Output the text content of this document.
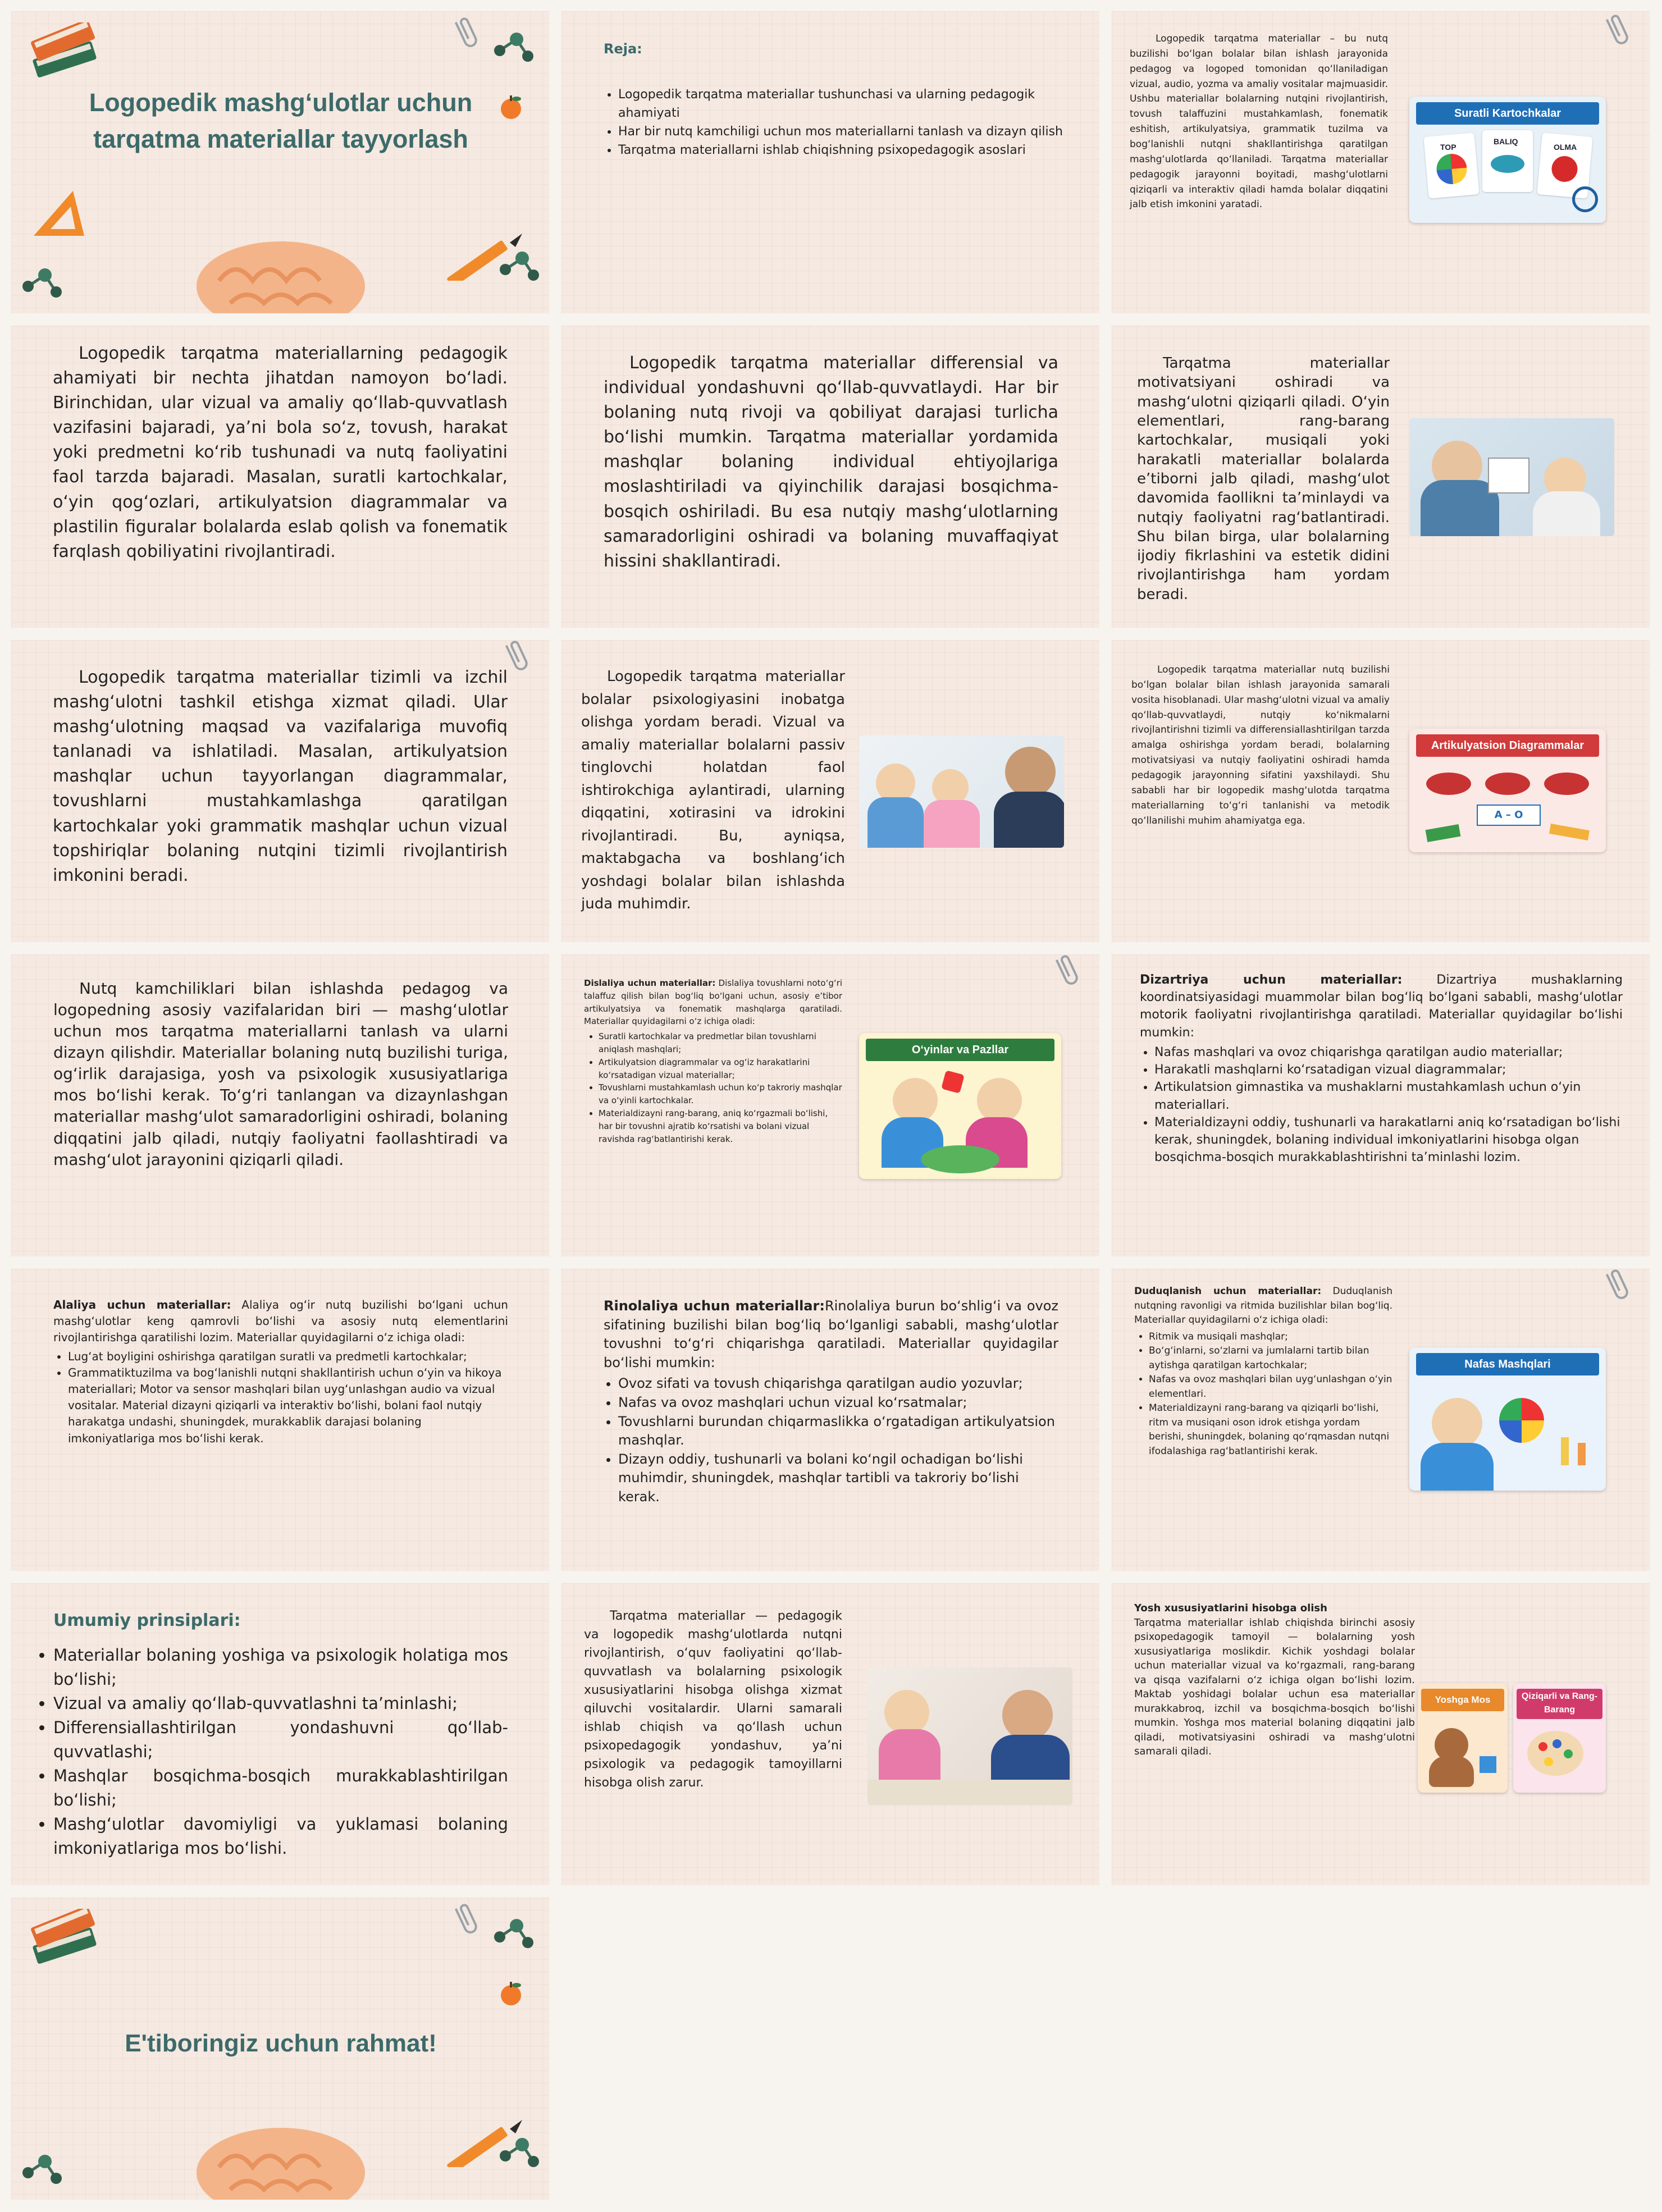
Logopedik mashg‘ulotlar uchun tarqatma materiallar tayyorlash

Reja:

• Logopedik tarqatma materiallar tushunchasi va ularning pedagogik ahamiyati
• Har bir nutq kamchiligi uchun mos materiallarni tanlash va dizayn qilish
• Tarqatma materiallarni ishlab chiqishning psixopedagogik asoslari

Logopedik tarqatma materiallar – bu nutq buzilishi bo‘lgan bolalar bilan ishlash jarayonida pedagog va logoped tomonidan qo‘llaniladigan vizual, audio, yozma va amaliy vositalar majmuasidir. Ushbu materiallar bolalarning nutqini rivojlantirish, tovush talaffuzini mustahkamlash, fonematik eshitish, artikulyatsiya, grammatik tuzilma va bog‘lanishli nutqni shakllantirishga qaratilgan mashg‘ulotlarda qo‘llaniladi. Tarqatma materiallar pedagogik jarayonni boyitadi, mashg‘ulotlarni qiziqarli va interaktiv qiladi hamda bolalar diqqatini jalb etish imkonini yaratadi.

Suratli Kartochkalar
TOP
BALIQ
OLMA

Logopedik tarqatma materiallarning pedagogik ahamiyati bir nechta jihatdan namoyon bo‘ladi. Birinchidan, ular vizual va amaliy qo‘llab-quvvatlash vazifasini bajaradi, ya’ni bola so‘z, tovush, harakat yoki predmetni ko‘rib tushunadi va nutq faoliyatini faol tarzda bajaradi. Masalan, suratli kartochkalar, o‘yin qog‘ozlari, artikulyatsion diagrammalar va plastilin figuralar bolalarda eslab qolish va fonematik farqlash qobiliyatini rivojlantiradi.

Logopedik tarqatma materiallar differensial va individual yondashuvni qo‘llab-quvvatlaydi. Har bir bolaning nutq rivoji va qobiliyat darajasi turlicha bo‘lishi mumkin. Tarqatma materiallar yordamida mashqlar bolaning individual ehtiyojlariga moslashtiriladi va qiyinchilik darajasi bosqichma-bosqich oshiriladi. Bu esa nutqiy mashg‘ulotlarning samaradorligini oshiradi va bolaning muvaffaqiyat hissini shakllantiradi.

Tarqatma materiallar motivatsiyani oshiradi va mashg‘ulotni qiziqarli qiladi. O‘yin elementlari, rang-barang kartochkalar, musiqali yoki harakatli materiallar bolalarda e’tiborni jalb qiladi, mashg‘ulot davomida faollikni ta’minlaydi va nutqiy faoliyatni rag‘batlantiradi. Shu bilan birga, ular bolalarning ijodiy fikrlashini va estetik didini rivojlantirishga ham yordam beradi.

Logopedik tarqatma materiallar tizimli va izchil mashg‘ulotni tashkil etishga xizmat qiladi. Ular mashg‘ulotning maqsad va vazifalariga muvofiq tanlanadi va ishlatiladi. Masalan, artikulyatsion mashqlar uchun tayyorlangan diagrammalar, tovushlarni mustahkamlashga qaratilgan kartochkalar yoki grammatik mashqlar uchun vizual topshiriqlar bolaning nutqini tizimli rivojlantirish imkonini beradi.

Logopedik tarqatma materiallar bolalar psixologiyasini inobatga olishga yordam beradi. Vizual va amaliy materiallar bolalarni passiv tinglovchi holatdan faol ishtirokchiga aylantiradi, ularning diqqatini, xotirasini va idrokini rivojlantiradi. Bu, ayniqsa, maktabgacha va boshlang‘ich yoshdagi bolalar bilan ishlashda juda muhimdir.

Logopedik tarqatma materiallar nutq buzilishi bo‘lgan bolalar bilan ishlash jarayonida samarali vosita hisoblanadi. Ular mashg‘ulotni vizual va amaliy qo‘llab-quvvatlaydi, nutqiy ko‘nikmalarni rivojlantirishni tizimli va differensiallashtirilgan tarzda amalga oshirishga yordam beradi, bolalarning motivatsiyasi va nutqiy faoliyatini oshiradi hamda pedagogik jarayonning sifatini yaxshilaydi. Shu sababli har bir logopedik mashg‘ulotda tarqatma materiallarning to‘g‘ri tanlanishi va metodik qo‘llanilishi muhim ahamiyatga ega.

Artikulyatsion Diagrammalar
A – O

Nutq kamchiliklari bilan ishlashda pedagog va logopedning asosiy vazifalaridan biri — mashg‘ulotlar uchun mos tarqatma materiallarni tanlash va ularni dizayn qilishdir. Materiallar bolaning nutq buzilishi turiga, og‘irlik darajasiga, yosh va psixologik xususiyatlariga mos bo‘lishi kerak. To‘g‘ri tanlangan va dizaynlashgan materiallar mashg‘ulot samaradorligini oshiradi, bolaning diqqatini jalb qiladi, nutqiy faoliyatni faollashtiradi va mashg‘ulot jarayonini qiziqarli qiladi.

Dislaliya uchun materiallar: Dislaliya tovushlarni noto‘g‘ri talaffuz qilish bilan bog‘liq bo‘lgani uchun, asosiy e’tibor artikulyatsiya va fonematik mashqlarga qaratiladi. Materiallar quyidagilarni o‘z ichiga oladi:

• Suratli kartochkalar va predmetlar bilan tovushlarni aniqlash mashqlari;
• Artikulyatsion diagrammalar va og‘iz harakatlarini ko‘rsatadigan vizual materiallar;
• Tovushlarni mustahkamlash uchun ko‘p takroriy mashqlar va o‘yinli kartochkalar.
• Materialdizayni rang-barang, aniq ko‘rgazmali bo‘lishi, har bir tovushni ajratib ko‘rsatishi va bolani vizual ravishda rag‘batlantirishi kerak.
O‘yinlar va Pazllar

Dizartriya uchun materiallar: Dizartriya mushaklarning koordinatsiyasidagi muammolar bilan bog‘liq bo‘lgani sababli, mashg‘ulotlar motorik faoliyatni rivojlantirishga qaratiladi. Materiallar quyidagilar bo‘lishi mumkin:

• Nafas mashqlari va ovoz chiqarishga qaratilgan audio materiallar;
• Harakatli mashqlarni ko‘rsatadigan vizual diagrammalar;
• Artikulatsion gimnastika va mushaklarni mustahkamlash uchun o‘yin materiallari.
• Materialdizayni oddiy, tushunarli va harakatlarni aniq ko‘rsatadigan bo‘lishi kerak, shuningdek, bolaning individual imkoniyatlarini hisobga olgan bosqichma-bosqich murakkablashtirishni ta’minlashi lozim.

Alaliya uchun materiallar: Alaliya og‘ir nutq buzilishi bo‘lgani uchun mashg‘ulotlar keng qamrovli bo‘lishi va asosiy nutq elementlarini rivojlantirishga qaratilishi lozim. Materiallar quyidagilarni o‘z ichiga oladi:

• Lug‘at boyligini oshirishga qaratilgan suratli va predmetli kartochkalar;
• Grammatiktuzilma va bog‘lanishli nutqni shakllantirish uchun o‘yin va hikoya materiallari; Motor va sensor mashqlari bilan uyg‘unlashgan audio va vizual vositalar. Material dizayni qiziqarli va interaktiv bo‘lishi, bolani faol nutqiy harakatga undashi, shuningdek, murakkablik darajasi bolaning imkoniyatlariga mos bo‘lishi kerak.

Rinolaliya uchun materiallar:Rinolaliya burun bo‘shlig‘i va ovoz sifatining buzilishi bilan bog‘liq bo‘lganligi sababli, mashg‘ulotlar tovushni to‘g‘ri chiqarishga qaratiladi. Materiallar quyidagilar bo‘lishi mumkin:

• Ovoz sifati va tovush chiqarishga qaratilgan audio yozuvlar;
• Nafas va ovoz mashqlari uchun vizual ko‘rsatmalar;
• Tovushlarni burundan chiqarmaslikka o‘rgatadigan artikulyatsion mashqlar.
• Dizayn oddiy, tushunarli va bolani ko‘ngil ochadigan bo‘lishi muhimdir, shuningdek, mashqlar tartibli va takroriy bo‘lishi kerak.

Duduqlanish uchun materiallar: Duduqlanish nutqning ravonligi va ritmida buzilishlar bilan bog‘liq. Materiallar quyidagilarni o‘z ichiga oladi:

• Ritmik va musiqali mashqlar;
• Bo‘g‘inlarni, so‘zlarni va jumlalarni tartib bilan aytishga qaratilgan kartochkalar;
• Nafas va ovoz mashqlari bilan uyg‘unlashgan o‘yin elementlari.
• Materialdizayni rang-barang va qiziqarli bo‘lishi, ritm va musiqani oson idrok etishga yordam berishi, shuningdek, bolaning qo‘rqmasdan nutqni ifodalashiga rag‘batlantirishi kerak.
Nafas Mashqlari

Umumiy prinsiplari:

• Materiallar bolaning yoshiga va psixologik holatiga mos bo‘lishi;
• Vizual va amaliy qo‘llab-quvvatlashni ta’minlashi;
• Differensiallashtirilgan yondashuvni qo‘llab-quvvatlashi;
• Mashqlar bosqichma-bosqich murakkablashtirilgan bo‘lishi;
• Mashg‘ulotlar davomiyligi va yuklamasi bolaning imkoniyatlariga mos bo‘lishi.

Tarqatma materiallar — pedagogik va logopedik mashg‘ulotlarda nutqni rivojlantirish, o‘quv faoliyatini qo‘llab-quvvatlash va bolalarning psixologik xususiyatlarini hisobga olishga xizmat qiluvchi vositalardir. Ularni samarali ishlab chiqish va qo‘llash uchun psixopedagogik yondashuv, ya’ni psixologik va pedagogik tamoyillarni hisobga olish zarur.

Yosh xususiyatlarini hisobga olish

Tarqatma materiallar ishlab chiqishda birinchi asosiy psixopedagogik tamoyil — bolalarning yosh xususiyatlariga moslikdir. Kichik yoshdagi bolalar uchun materiallar vizual va ko‘rgazmali, rang-barang va qisqa vazifalarni o‘z ichiga olgan bo‘lishi lozim. Maktab yoshidagi bolalar uchun esa materiallar murakkabroq, izchil va bosqichma-bosqich bo‘lishi mumkin. Yoshga mos material bolaning diqqatini jalb qiladi, motivatsiyasini oshiradi va mashg‘ulotni samarali qiladi.

Yoshga Mos	Qiziqarli va Rang-Barang
E'tiboringiz uchun rahmat!
